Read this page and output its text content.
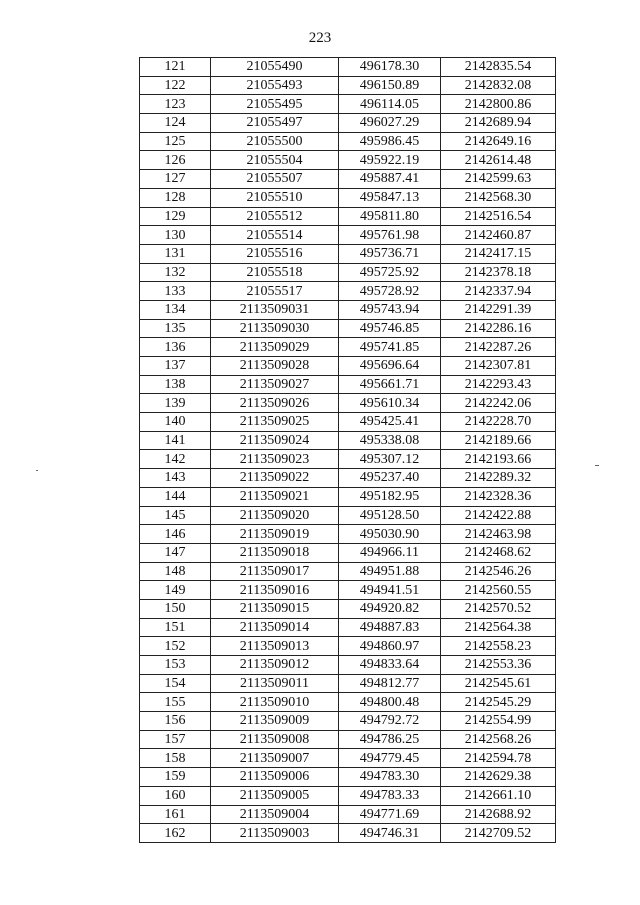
223
121	21055490	496178.30	2142835.54
122	21055493	496150.89	2142832.08
123	21055495	496114.05	2142800.86
124	21055497	496027.29	2142689.94
125	21055500	495986.45	2142649.16
126	21055504	495922.19	2142614.48
127	21055507	495887.41	2142599.63
128	21055510	495847.13	2142568.30
129	21055512	495811.80	2142516.54
130	21055514	495761.98	2142460.87
131	21055516	495736.71	2142417.15
132	21055518	495725.92	2142378.18
133	21055517	495728.92	2142337.94
134	2113509031	495743.94	2142291.39
135	2113509030	495746.85	2142286.16
136	2113509029	495741.85	2142287.26
137	2113509028	495696.64	2142307.81
138	2113509027	495661.71	2142293.43
139	2113509026	495610.34	2142242.06
140	2113509025	495425.41	2142228.70
141	2113509024	495338.08	2142189.66
142	2113509023	495307.12	2142193.66
143	2113509022	495237.40	2142289.32
144	2113509021	495182.95	2142328.36
145	2113509020	495128.50	2142422.88
146	2113509019	495030.90	2142463.98
147	2113509018	494966.11	2142468.62
148	2113509017	494951.88	2142546.26
149	2113509016	494941.51	2142560.55
150	2113509015	494920.82	2142570.52
151	2113509014	494887.83	2142564.38
152	2113509013	494860.97	2142558.23
153	2113509012	494833.64	2142553.36
154	2113509011	494812.77	2142545.61
155	2113509010	494800.48	2142545.29
156	2113509009	494792.72	2142554.99
157	2113509008	494786.25	2142568.26
158	2113509007	494779.45	2142594.78
159	2113509006	494783.30	2142629.38
160	2113509005	494783.33	2142661.10
161	2113509004	494771.69	2142688.92
162	2113509003	494746.31	2142709.52
